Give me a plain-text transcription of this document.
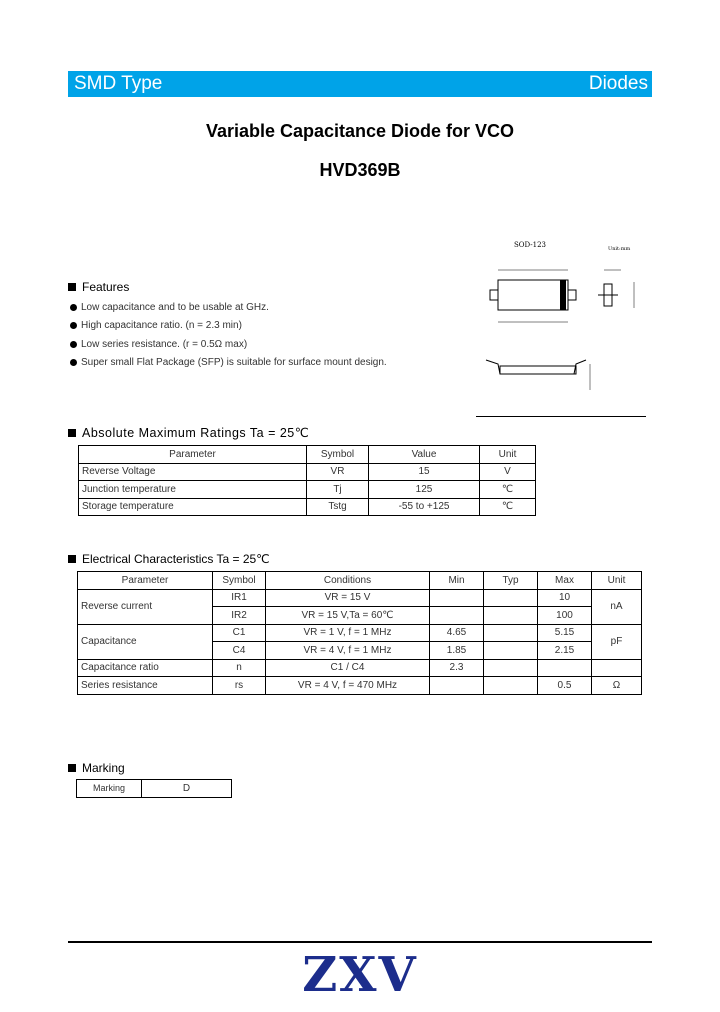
SMD Type	Diodes
Variable Capacitance Diode for VCO
HVD369B
SOD-123	Unit:mm
Features
Low capacitance and to be usable at GHz.
High capacitance ratio. (n = 2.3 min)
Low series resistance. (r = 0.5Ω max)
Super small Flat Package (SFP) is suitable for surface mount design.
Absolute Maximum Ratings Ta = 25℃
Parameter	Symbol	Value	Unit
Reverse Voltage	VR	15	V
Junction temperature	Tj	125	℃
Storage temperature	Tstg	-55 to +125	℃
Electrical Characteristics Ta = 25℃
Parameter	Symbol	Conditions	Min	Typ	Max	Unit
Reverse current	IR1	VR = 15 V			10	nA
	IR2	VR = 15 V,Ta = 60℃			100	
Capacitance	C1	VR = 1 V, f = 1 MHz	4.65		5.15	pF
	C4	VR = 4 V, f = 1 MHz	1.85		2.15	
Capacitance ratio	n	C1 / C4	2.3			
Series resistance	rs	VR = 4 V, f = 470 MHz			0.5	Ω
Marking
Marking	D
ZXV
